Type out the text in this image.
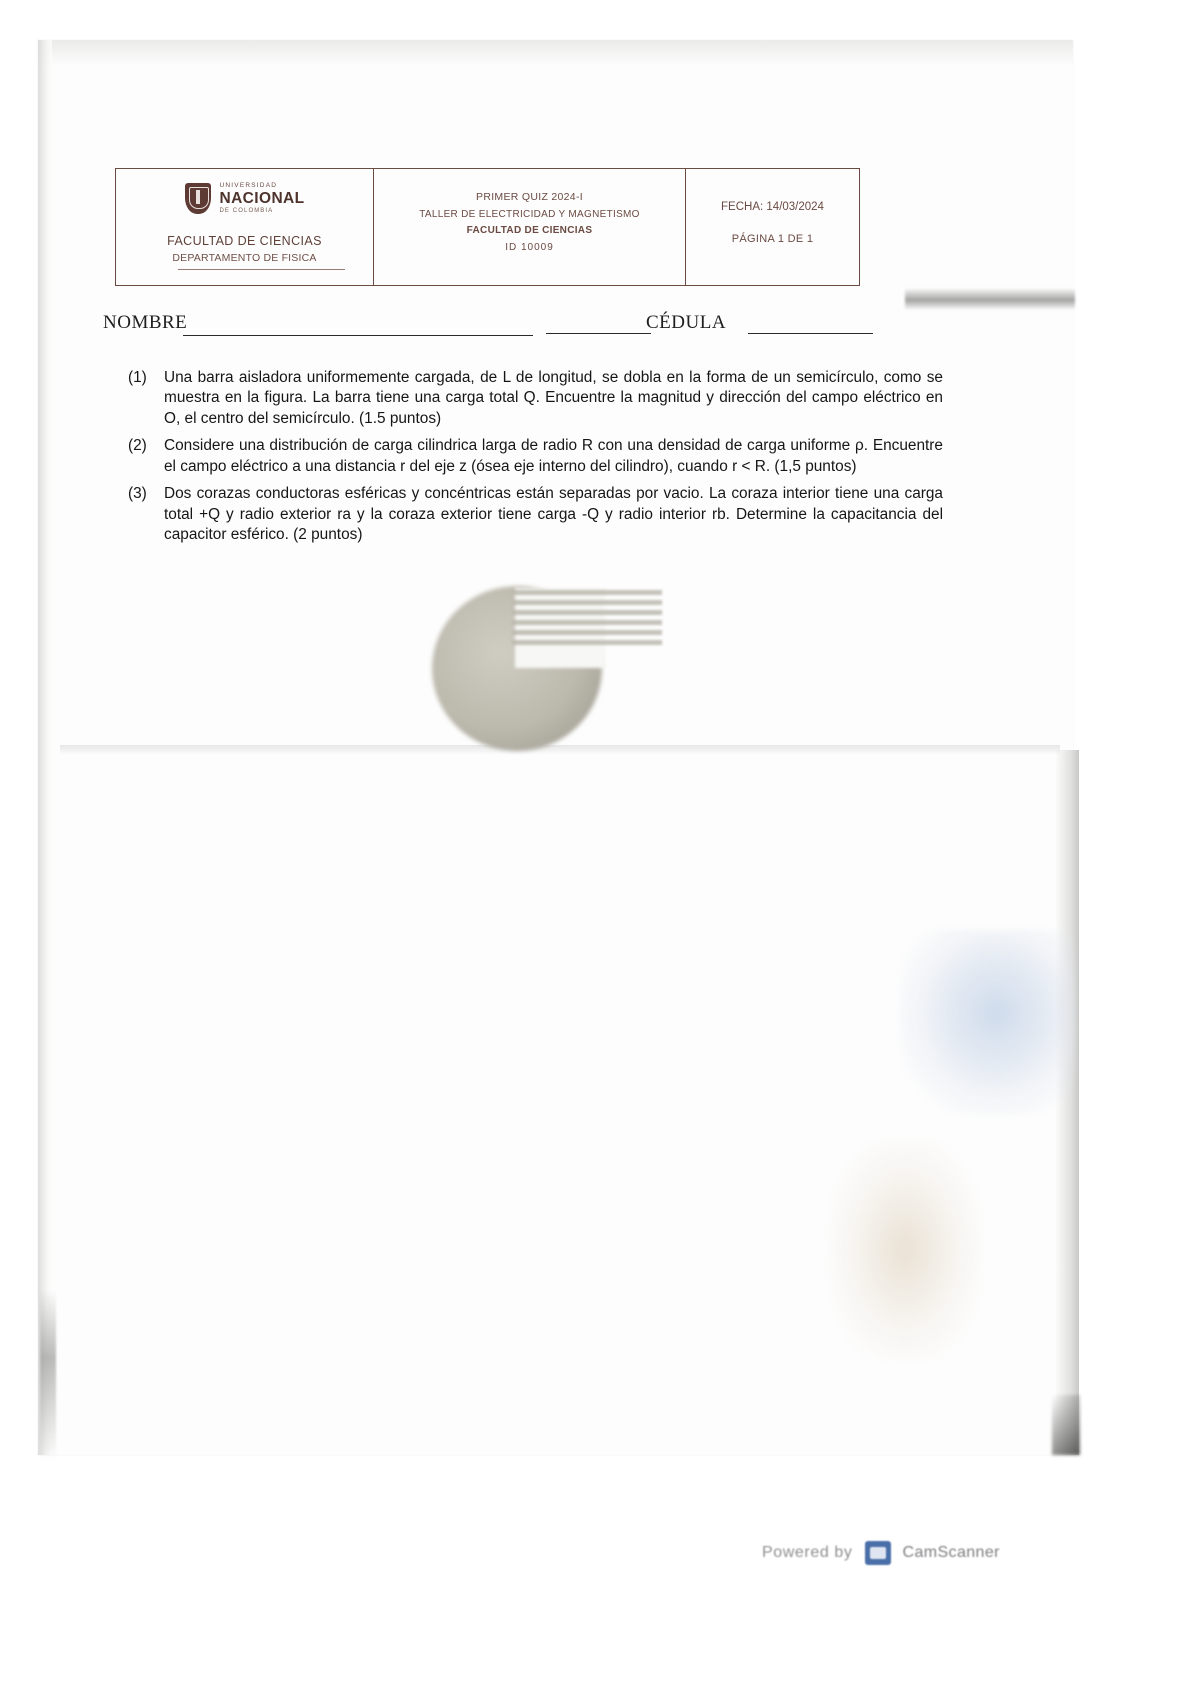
UNIVERSIDAD
NACIONAL
DE COLOMBIA
FACULTAD DE CIENCIAS
DEPARTAMENTO DE FISICA
PRIMER QUIZ 2024-I
TALLER DE ELECTRICIDAD Y MAGNETISMO
FACULTAD DE CIENCIAS
ID 10009
FECHA: 14/03/2024
PÁGINA 1 DE 1
NOMBRE	CÉDULA
(1)	Una barra aisladora uniformemente cargada, de L de longitud, se dobla en la forma de un semicírculo, como se muestra en la figura. La barra tiene una carga total Q. Encuentre la magnitud y dirección del campo eléctrico en O, el centro del semicírculo. (1.5 puntos)
(2)	Considere una distribución de carga cilindrica larga de radio R con una densidad de carga uniforme ρ. Encuentre el campo eléctrico a una distancia r del eje z (ósea eje interno del cilindro), cuando r < R. (1,5 puntos)
(3)	Dos corazas conductoras esféricas y concéntricas están separadas por vacio. La coraza interior tiene una carga total +Q y radio exterior ra y la coraza exterior tiene carga -Q y radio interior rb. Determine la capacitancia del capacitor esférico. (2 puntos)
Powered by	CamScanner
